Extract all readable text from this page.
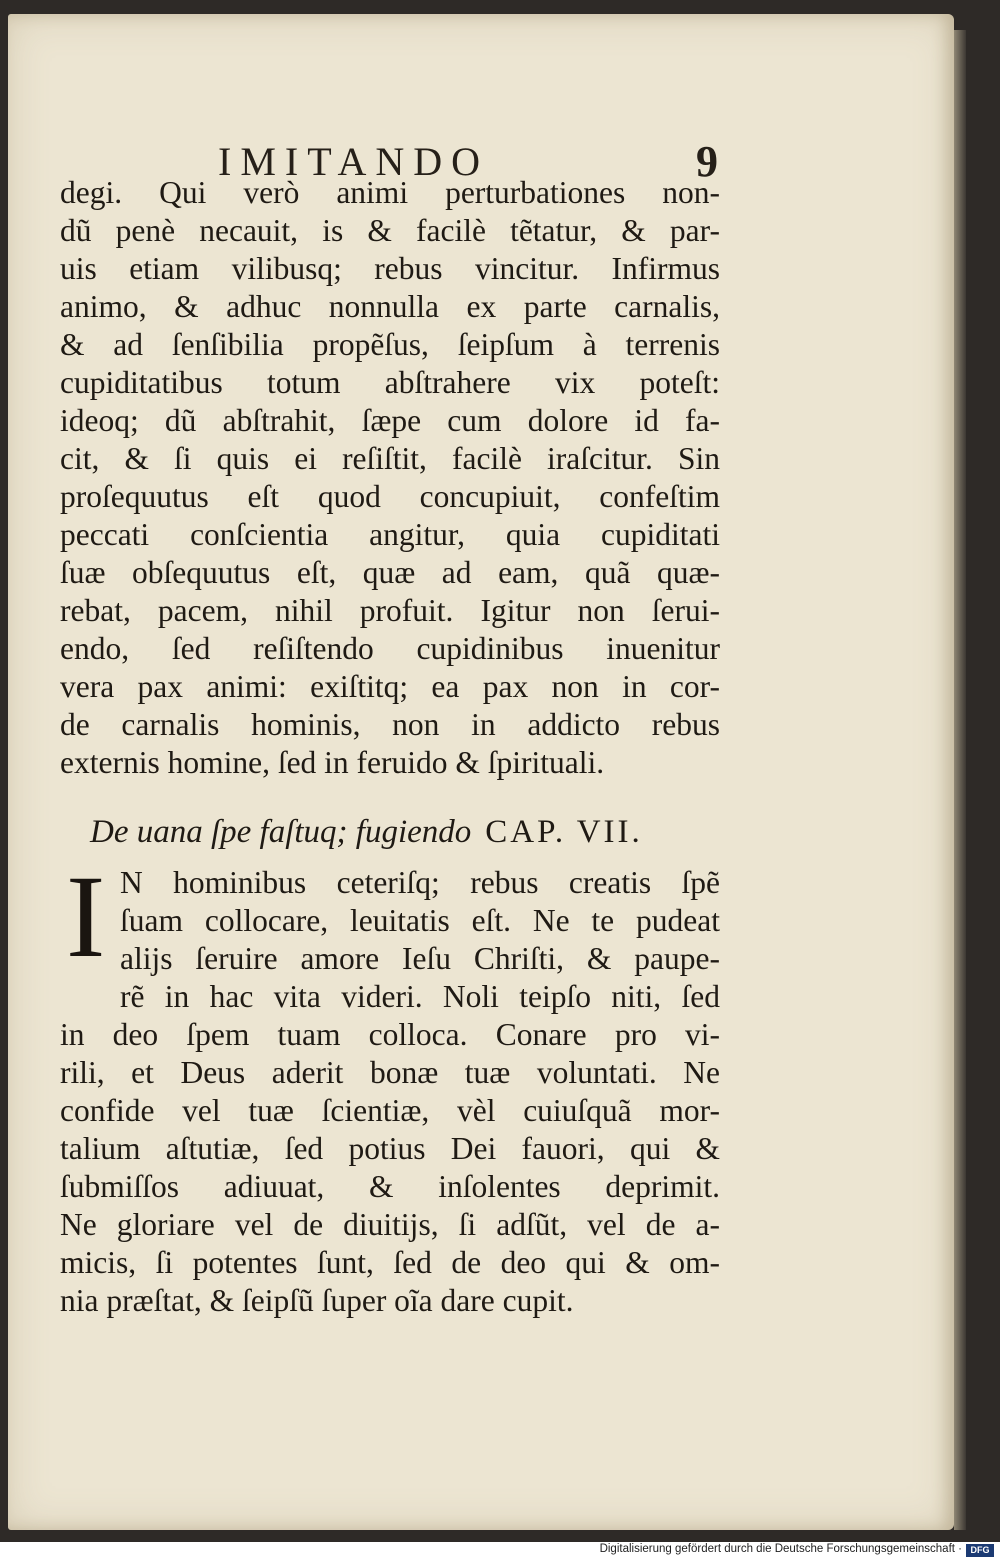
IMITANDO	9
degi. Qui verò animi perturbationes non-
dũ penè necauit, is & facilè tẽtatur, & par-
uis etiam vilibusq; rebus vincitur. Infirmus
animo, & adhuc nonnulla ex parte carnalis,
& ad ſenſibilia propẽſus, ſeipſum à terrenis
cupiditatibus totum abſtrahere vix poteſt:
ideoq; dũ abſtrahit, ſæpe cum dolore id fa-
cit, & ſi quis ei reſiſtit, facilè iraſcitur. Sin
proſequutus eſt quod concupiuit, confeſtim
peccati conſcientia angitur, quia cupiditati
ſuæ obſequutus eſt, quæ ad eam, quã quæ-
rebat, pacem, nihil profuit. Igitur non ſerui-
endo, ſed reſiſtendo cupidinibus inuenitur
vera pax animi: exiſtitq; ea pax non in cor-
de carnalis hominis, non in addicto rebus
externis homine, ſed in feruido & ſpirituali.
De uana ſpe faſtuq; fugiendo CAP. VII.
I N hominibus ceteriſq; rebus creatis ſpẽ
ſuam collocare, leuitatis eſt. Ne te pudeat
alijs ſeruire amore Ieſu Chriſti, & paupe-
rẽ in hac vita videri. Noli teipſo niti, ſed
in deo ſpem tuam colloca. Conare pro vi-
rili, et Deus aderit bonæ tuæ voluntati. Ne
confide vel tuæ ſcientiæ, vèl cuiuſquã mor-
talium aſtutiæ, ſed potius Dei fauori, qui &
ſubmiſſos adiuuat, & inſolentes deprimit.
Ne gloriare vel de diuitijs, ſi adſũt, vel de a-
micis, ſi potentes ſunt, ſed de deo qui & om-
nia præſtat, & ſeipſũ ſuper oĩa dare cupit.
Digitalisierung gefördert durch die Deutsche Forschungsgemeinschaft · DFG
